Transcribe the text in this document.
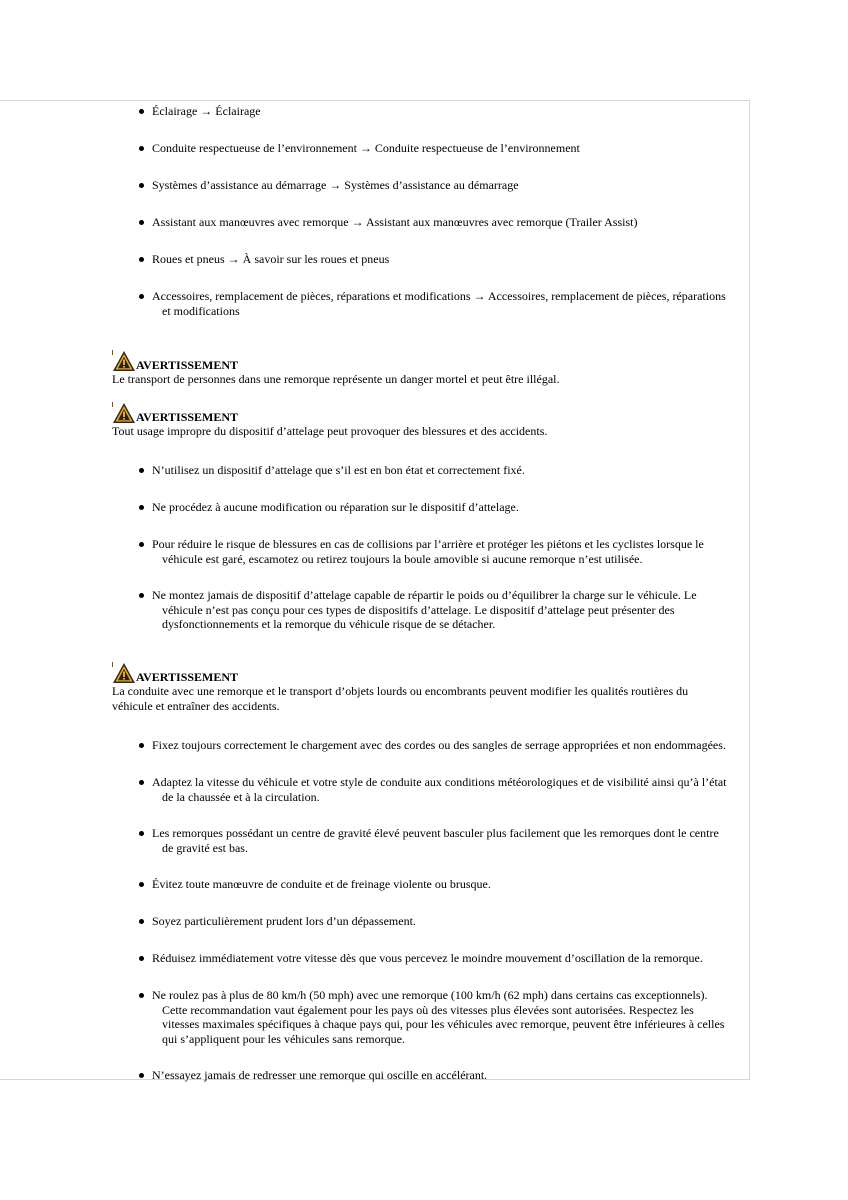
Éclairage → Éclairage
Conduite respectueuse de l’environnement → Conduite respectueuse de l’environnement
Systèmes d’assistance au démarrage → Systèmes d’assistance au démarrage
Assistant aux manœuvres avec remorque → Assistant aux manœuvres avec remorque (Trailer Assist)
Roues et pneus → À savoir sur les roues et pneus
Accessoires, remplacement de pièces, réparations et modifications → Accessoires, remplacement de pièces, réparations
et modifications
AVERTISSEMENT
Le transport de personnes dans une remorque représente un danger mortel et peut être illégal.
AVERTISSEMENT
Tout usage impropre du dispositif d’attelage peut provoquer des blessures et des accidents.
N’utilisez un dispositif d’attelage que s’il est en bon état et correctement fixé.
Ne procédez à aucune modification ou réparation sur le dispositif d’attelage.
Pour réduire le risque de blessures en cas de collisions par l’arrière et protéger les piétons et les cyclistes lorsque le
véhicule est garé, escamotez ou retirez toujours la boule amovible si aucune remorque n’est utilisée.
Ne montez jamais de dispositif d’attelage capable de répartir le poids ou d’équilibrer la charge sur le véhicule. Le
véhicule n’est pas conçu pour ces types de dispositifs d’attelage. Le dispositif d’attelage peut présenter des
dysfonctionnements et la remorque du véhicule risque de se détacher.
AVERTISSEMENT
La conduite avec une remorque et le transport d’objets lourds ou encombrants peuvent modifier les qualités routières du
véhicule et entraîner des accidents.
Fixez toujours correctement le chargement avec des cordes ou des sangles de serrage appropriées et non endommagées.
Adaptez la vitesse du véhicule et votre style de conduite aux conditions météorologiques et de visibilité ainsi qu’à l’état
de la chaussée et à la circulation.
Les remorques possédant un centre de gravité élevé peuvent basculer plus facilement que les remorques dont le centre
de gravité est bas.
Évitez toute manœuvre de conduite et de freinage violente ou brusque.
Soyez particulièrement prudent lors d’un dépassement.
Réduisez immédiatement votre vitesse dès que vous percevez le moindre mouvement d’oscillation de la remorque.
Ne roulez pas à plus de 80 km/h (50 mph) avec une remorque (100 km/h (62 mph) dans certains cas exceptionnels).
Cette recommandation vaut également pour les pays où des vitesses plus élevées sont autorisées. Respectez les
vitesses maximales spécifiques à chaque pays qui, pour les véhicules avec remorque, peuvent être inférieures à celles
qui s’appliquent pour les véhicules sans remorque.
N’essayez jamais de redresser une remorque qui oscille en accélérant.
